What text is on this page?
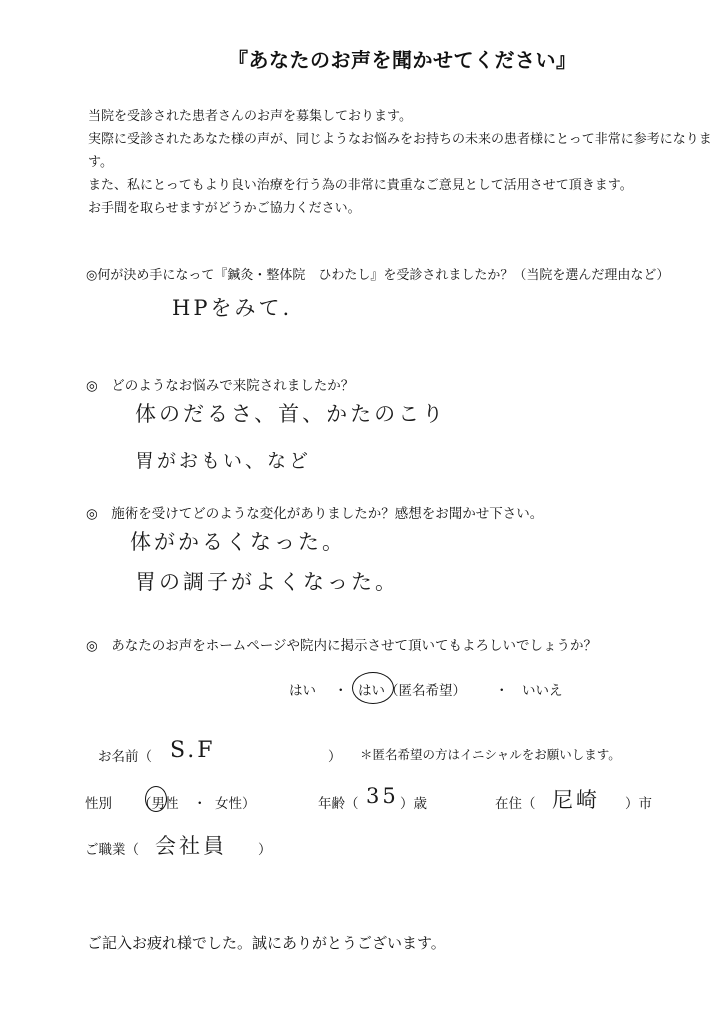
『あなたのお声を聞かせてください』
当院を受診された患者さんのお声を募集しております。
実際に受診されたあなた様の声が、同じようなお悩みをお持ちの未来の患者様にとって非常に参考になりま
す。
また、私にとってもより良い治療を行う為の非常に貴重なご意見として活用させて頂きます。
お手間を取らせますがどうかご協力ください。
◎何が決め手になって『鍼灸・整体院　ひわたし』を受診されましたか？（当院を選んだ理由など）
HPをみて.
◎　どのようなお悩みで来院されましたか？
体のだるさ、首、かたのこり
胃がおもい、など
◎　施術を受けてどのような変化がありましたか？感想をお聞かせ下さい。
体がかるくなった。
胃の調子がよくなった。
◎　あなたのお声をホームページや院内に掲示させて頂いてもよろしいでしょうか？
はい ・ はい（匿名希望） ・ いいえ
お名前（ S.F	） ＊匿名希望の方はイニシャルをお願いします。
性別 （男性 ・ 女性）	年齢（ 35 ）歳	在住（ 尼崎 ）市
ご職業（ 会社員 ）
ご記入お疲れ様でした。誠にありがとうございます。
